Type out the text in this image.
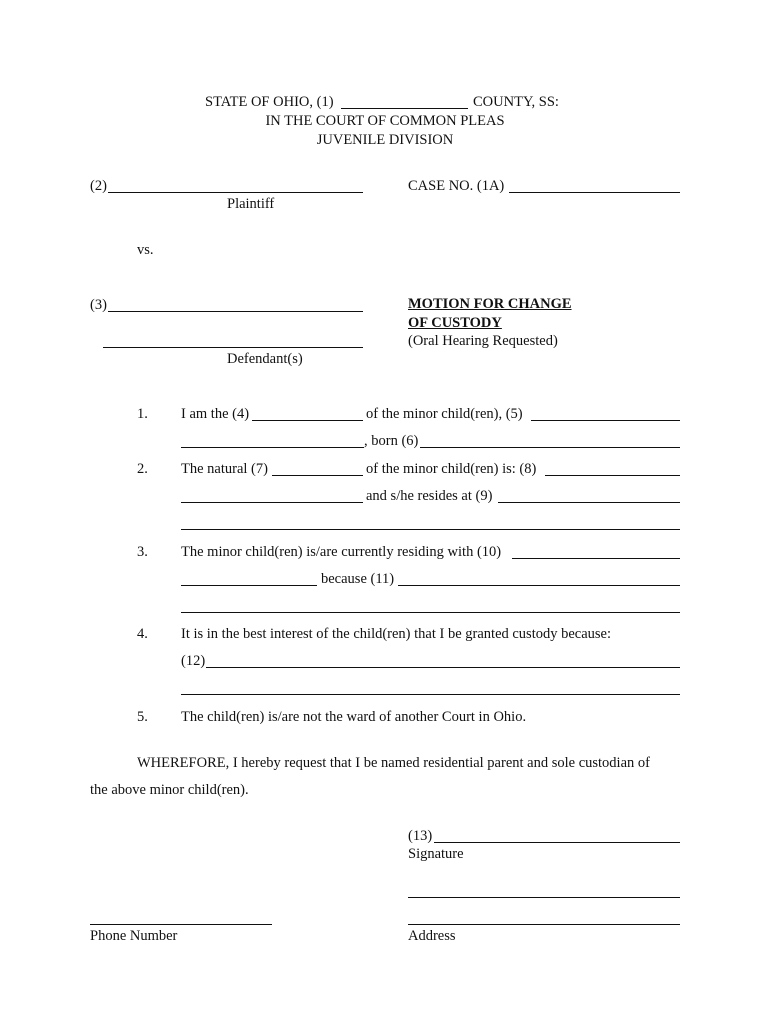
STATE OF OHIO, (1)	COUNTY, SS:
IN THE COURT OF COMMON PLEAS
JUVENILE DIVISION
(2)
Plaintiff
CASE NO. (1A)
vs.
(3)
Defendant(s)
MOTION FOR CHANGE
OF CUSTODY
(Oral Hearing Requested)
1. I am the (4)	of the minor child(ren), (5)
, born (6)
2. The natural (7)	of the minor child(ren) is: (8)
and s/he resides at (9)
3. The minor child(ren) is/are currently residing with (10)
because (11)
4. It is in the best interest of the child(ren) that I be granted custody because:
(12)
5. The child(ren) is/are not the ward of another Court in Ohio.
WHEREFORE, I hereby request that I be named residential parent and sole custodian of
the above minor child(ren).
(13)
Signature
Address
Phone Number
